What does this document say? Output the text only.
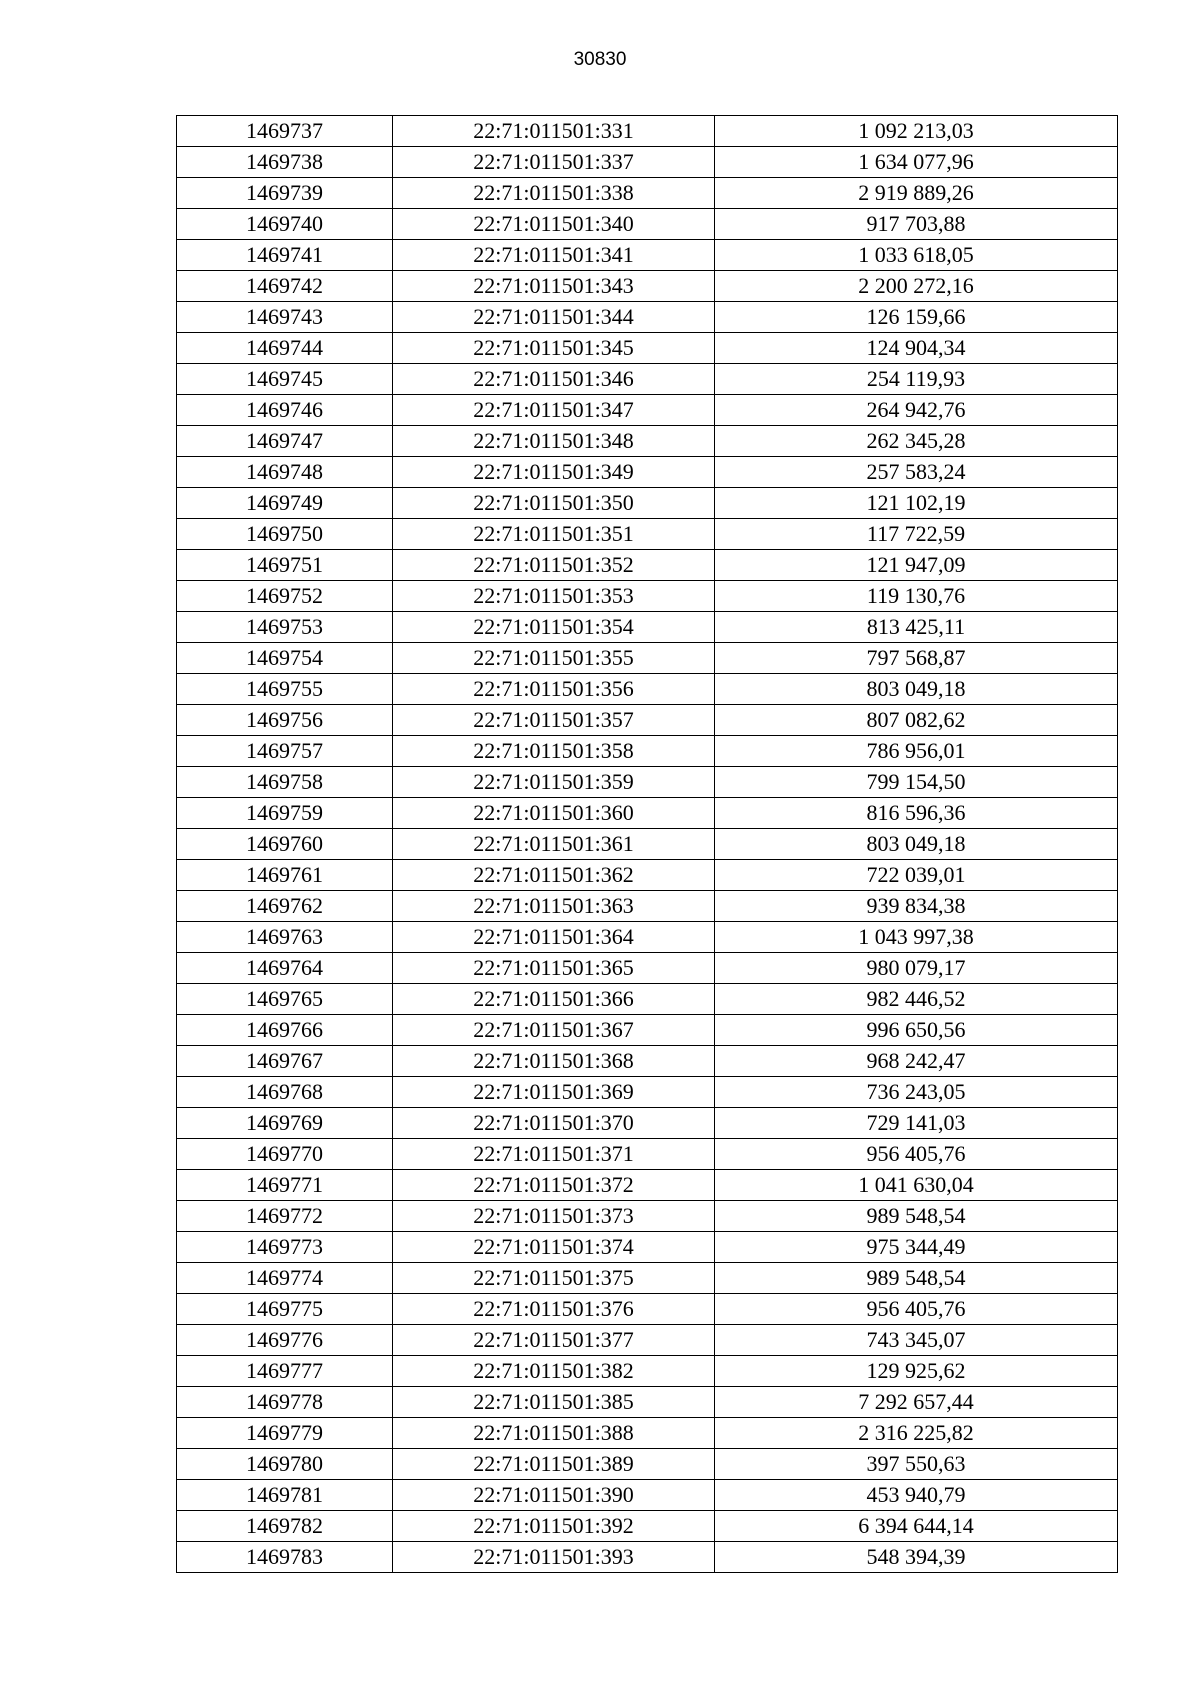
30830
1469737	22:71:011501:331	1 092 213,03
1469738	22:71:011501:337	1 634 077,96
1469739	22:71:011501:338	2 919 889,26
1469740	22:71:011501:340	917 703,88
1469741	22:71:011501:341	1 033 618,05
1469742	22:71:011501:343	2 200 272,16
1469743	22:71:011501:344	126 159,66
1469744	22:71:011501:345	124 904,34
1469745	22:71:011501:346	254 119,93
1469746	22:71:011501:347	264 942,76
1469747	22:71:011501:348	262 345,28
1469748	22:71:011501:349	257 583,24
1469749	22:71:011501:350	121 102,19
1469750	22:71:011501:351	117 722,59
1469751	22:71:011501:352	121 947,09
1469752	22:71:011501:353	119 130,76
1469753	22:71:011501:354	813 425,11
1469754	22:71:011501:355	797 568,87
1469755	22:71:011501:356	803 049,18
1469756	22:71:011501:357	807 082,62
1469757	22:71:011501:358	786 956,01
1469758	22:71:011501:359	799 154,50
1469759	22:71:011501:360	816 596,36
1469760	22:71:011501:361	803 049,18
1469761	22:71:011501:362	722 039,01
1469762	22:71:011501:363	939 834,38
1469763	22:71:011501:364	1 043 997,38
1469764	22:71:011501:365	980 079,17
1469765	22:71:011501:366	982 446,52
1469766	22:71:011501:367	996 650,56
1469767	22:71:011501:368	968 242,47
1469768	22:71:011501:369	736 243,05
1469769	22:71:011501:370	729 141,03
1469770	22:71:011501:371	956 405,76
1469771	22:71:011501:372	1 041 630,04
1469772	22:71:011501:373	989 548,54
1469773	22:71:011501:374	975 344,49
1469774	22:71:011501:375	989 548,54
1469775	22:71:011501:376	956 405,76
1469776	22:71:011501:377	743 345,07
1469777	22:71:011501:382	129 925,62
1469778	22:71:011501:385	7 292 657,44
1469779	22:71:011501:388	2 316 225,82
1469780	22:71:011501:389	397 550,63
1469781	22:71:011501:390	453 940,79
1469782	22:71:011501:392	6 394 644,14
1469783	22:71:011501:393	548 394,39
